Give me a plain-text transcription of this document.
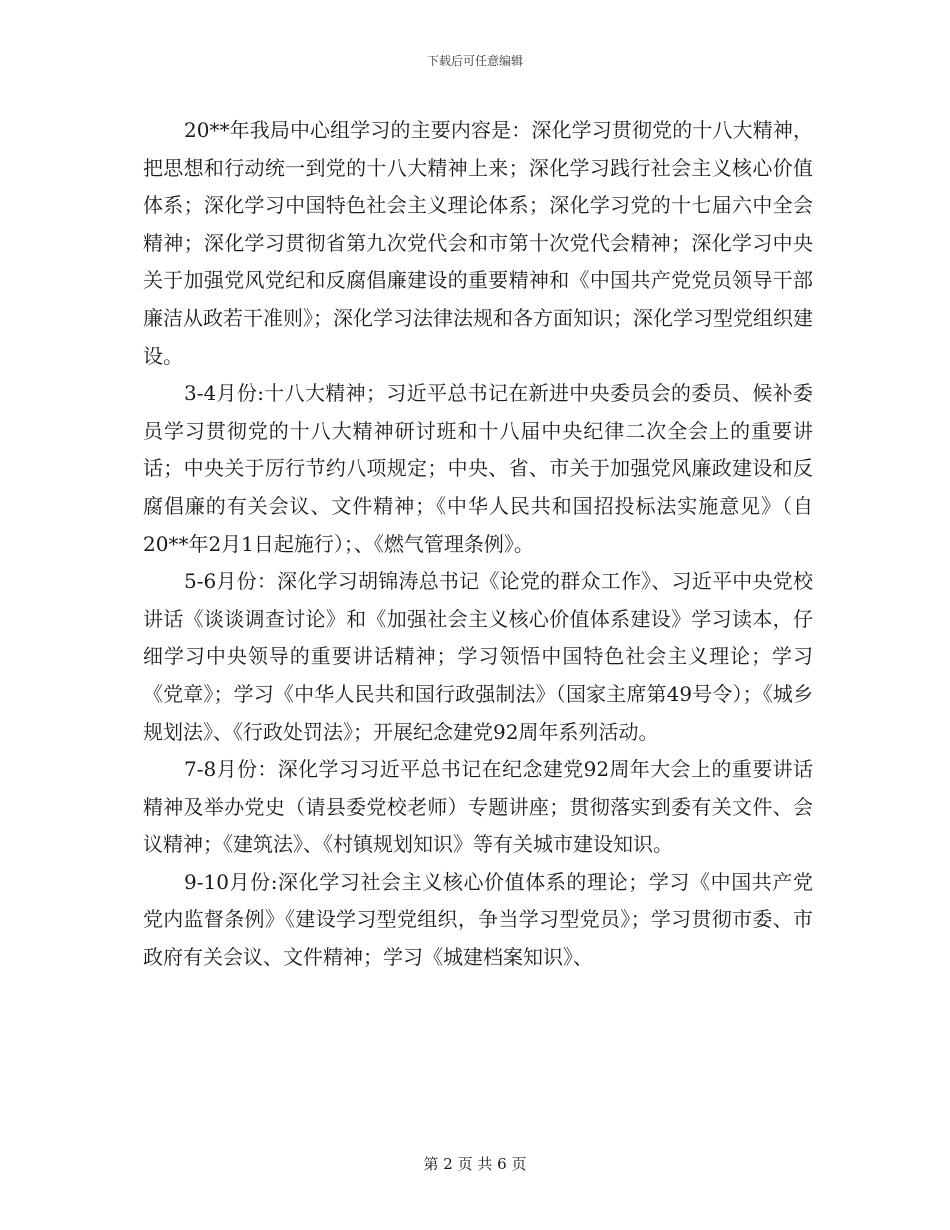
下载后可任意编辑

20**年我局中心组学习的主要内容是：深化学习贯彻党的十八大精神，把思想和行动统一到党的十八大精神上来；深化学习践行社会主义核心价值体系；深化学习中国特色社会主义理论体系；深化学习党的十七届六中全会精神；深化学习贯彻省第九次党代会和市第十次党代会精神；深化学习中央关于加强党风党纪和反腐倡廉建设的重要精神和《中国共产党党员领导干部廉洁从政若干准则》；深化学习法律法规和各方面知识；深化学习型党组织建设。

3-4月份:十八大精神；习近平总书记在新进中央委员会的委员、候补委员学习贯彻党的十八大精神研讨班和十八届中央纪律二次全会上的重要讲话；中央关于厉行节约八项规定；中央、省、市关于加强党风廉政建设和反腐倡廉的有关会议、文件精神；《中华人民共和国招投标法实施意见》（自20**年2月1日起施行）；、《燃气管理条例》。

5-6月份：深化学习胡锦涛总书记《论党的群众工作》、习近平中央党校讲话《谈谈调查讨论》和《加强社会主义核心价值体系建设》学习读本，仔细学习中央领导的重要讲话精神；学习领悟中国特色社会主义理论；学习《党章》；学习《中华人民共和国行政强制法》（国家主席第49号令）；《城乡规划法》、《行政处罚法》；开展纪念建党92周年系列活动。

7-8月份：深化学习习近平总书记在纪念建党92周年大会上的重要讲话精神及举办党史（请县委党校老师）专题讲座；贯彻落实到委有关文件、会议精神；《建筑法》、《村镇规划知识》等有关城市建设知识。

9-10月份:深化学习社会主义核心价值体系的理论；学习《中国共产党党内监督条例》《建设学习型党组织，争当学习型党员》；学习贯彻市委、市政府有关会议、文件精神；学习《城建档案知识》、

第 2 页 共 6 页
